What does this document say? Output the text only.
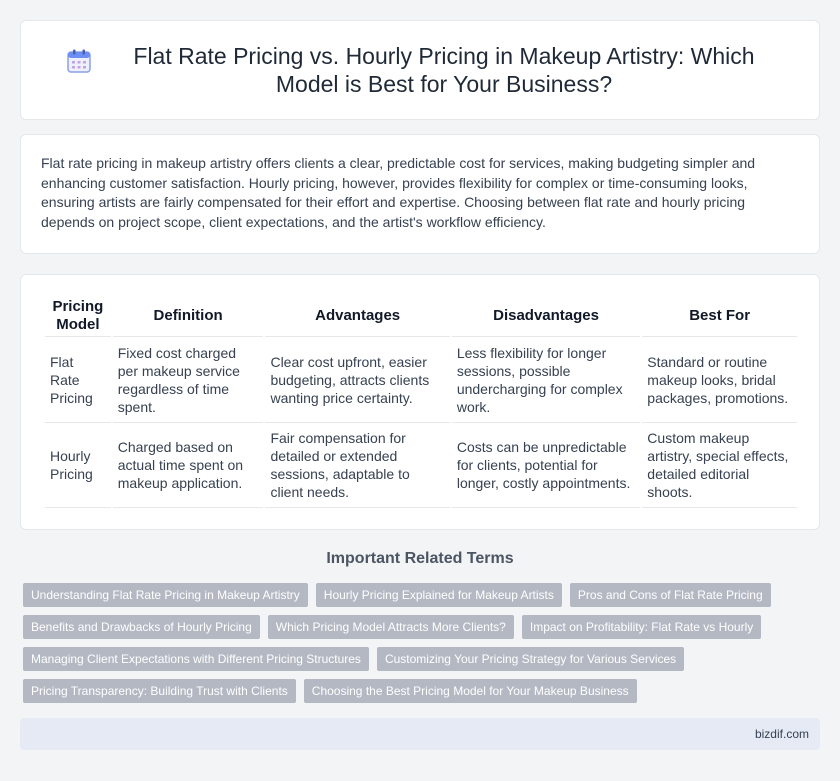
Flat Rate Pricing vs. Hourly Pricing in Makeup Artistry: Which Model is Best for Your Business?

Flat rate pricing in makeup artistry offers clients a clear, predictable cost for services, making budgeting simpler and enhancing customer satisfaction. Hourly pricing, however, provides flexibility for complex or time-consuming looks, ensuring artists are fairly compensated for their effort and expertise. Choosing between flat rate and hourly pricing depends on project scope, client expectations, and the artist's workflow efficiency.

Pricing Model	Definition	Advantages	Disadvantages	Best For
Flat Rate Pricing	Fixed cost charged per makeup service regardless of time spent.	Clear cost upfront, easier budgeting, attracts clients wanting price certainty.	Less flexibility for longer sessions, possible undercharging for complex work.	Standard or routine makeup looks, bridal packages, promotions.
Hourly Pricing	Charged based on actual time spent on makeup application.	Fair compensation for detailed or extended sessions, adaptable to client needs.	Costs can be unpredictable for clients, potential for longer, costly appointments.	Custom makeup artistry, special effects, detailed editorial shoots.
Important Related Terms
Understanding Flat Rate Pricing in Makeup Artistry	Hourly Pricing Explained for Makeup Artists	Pros and Cons of Flat Rate Pricing
Benefits and Drawbacks of Hourly Pricing	Which Pricing Model Attracts More Clients?	Impact on Profitability: Flat Rate vs Hourly
Managing Client Expectations with Different Pricing Structures	Customizing Your Pricing Strategy for Various Services
Pricing Transparency: Building Trust with Clients	Choosing the Best Pricing Model for Your Makeup Business
bizdif.com
